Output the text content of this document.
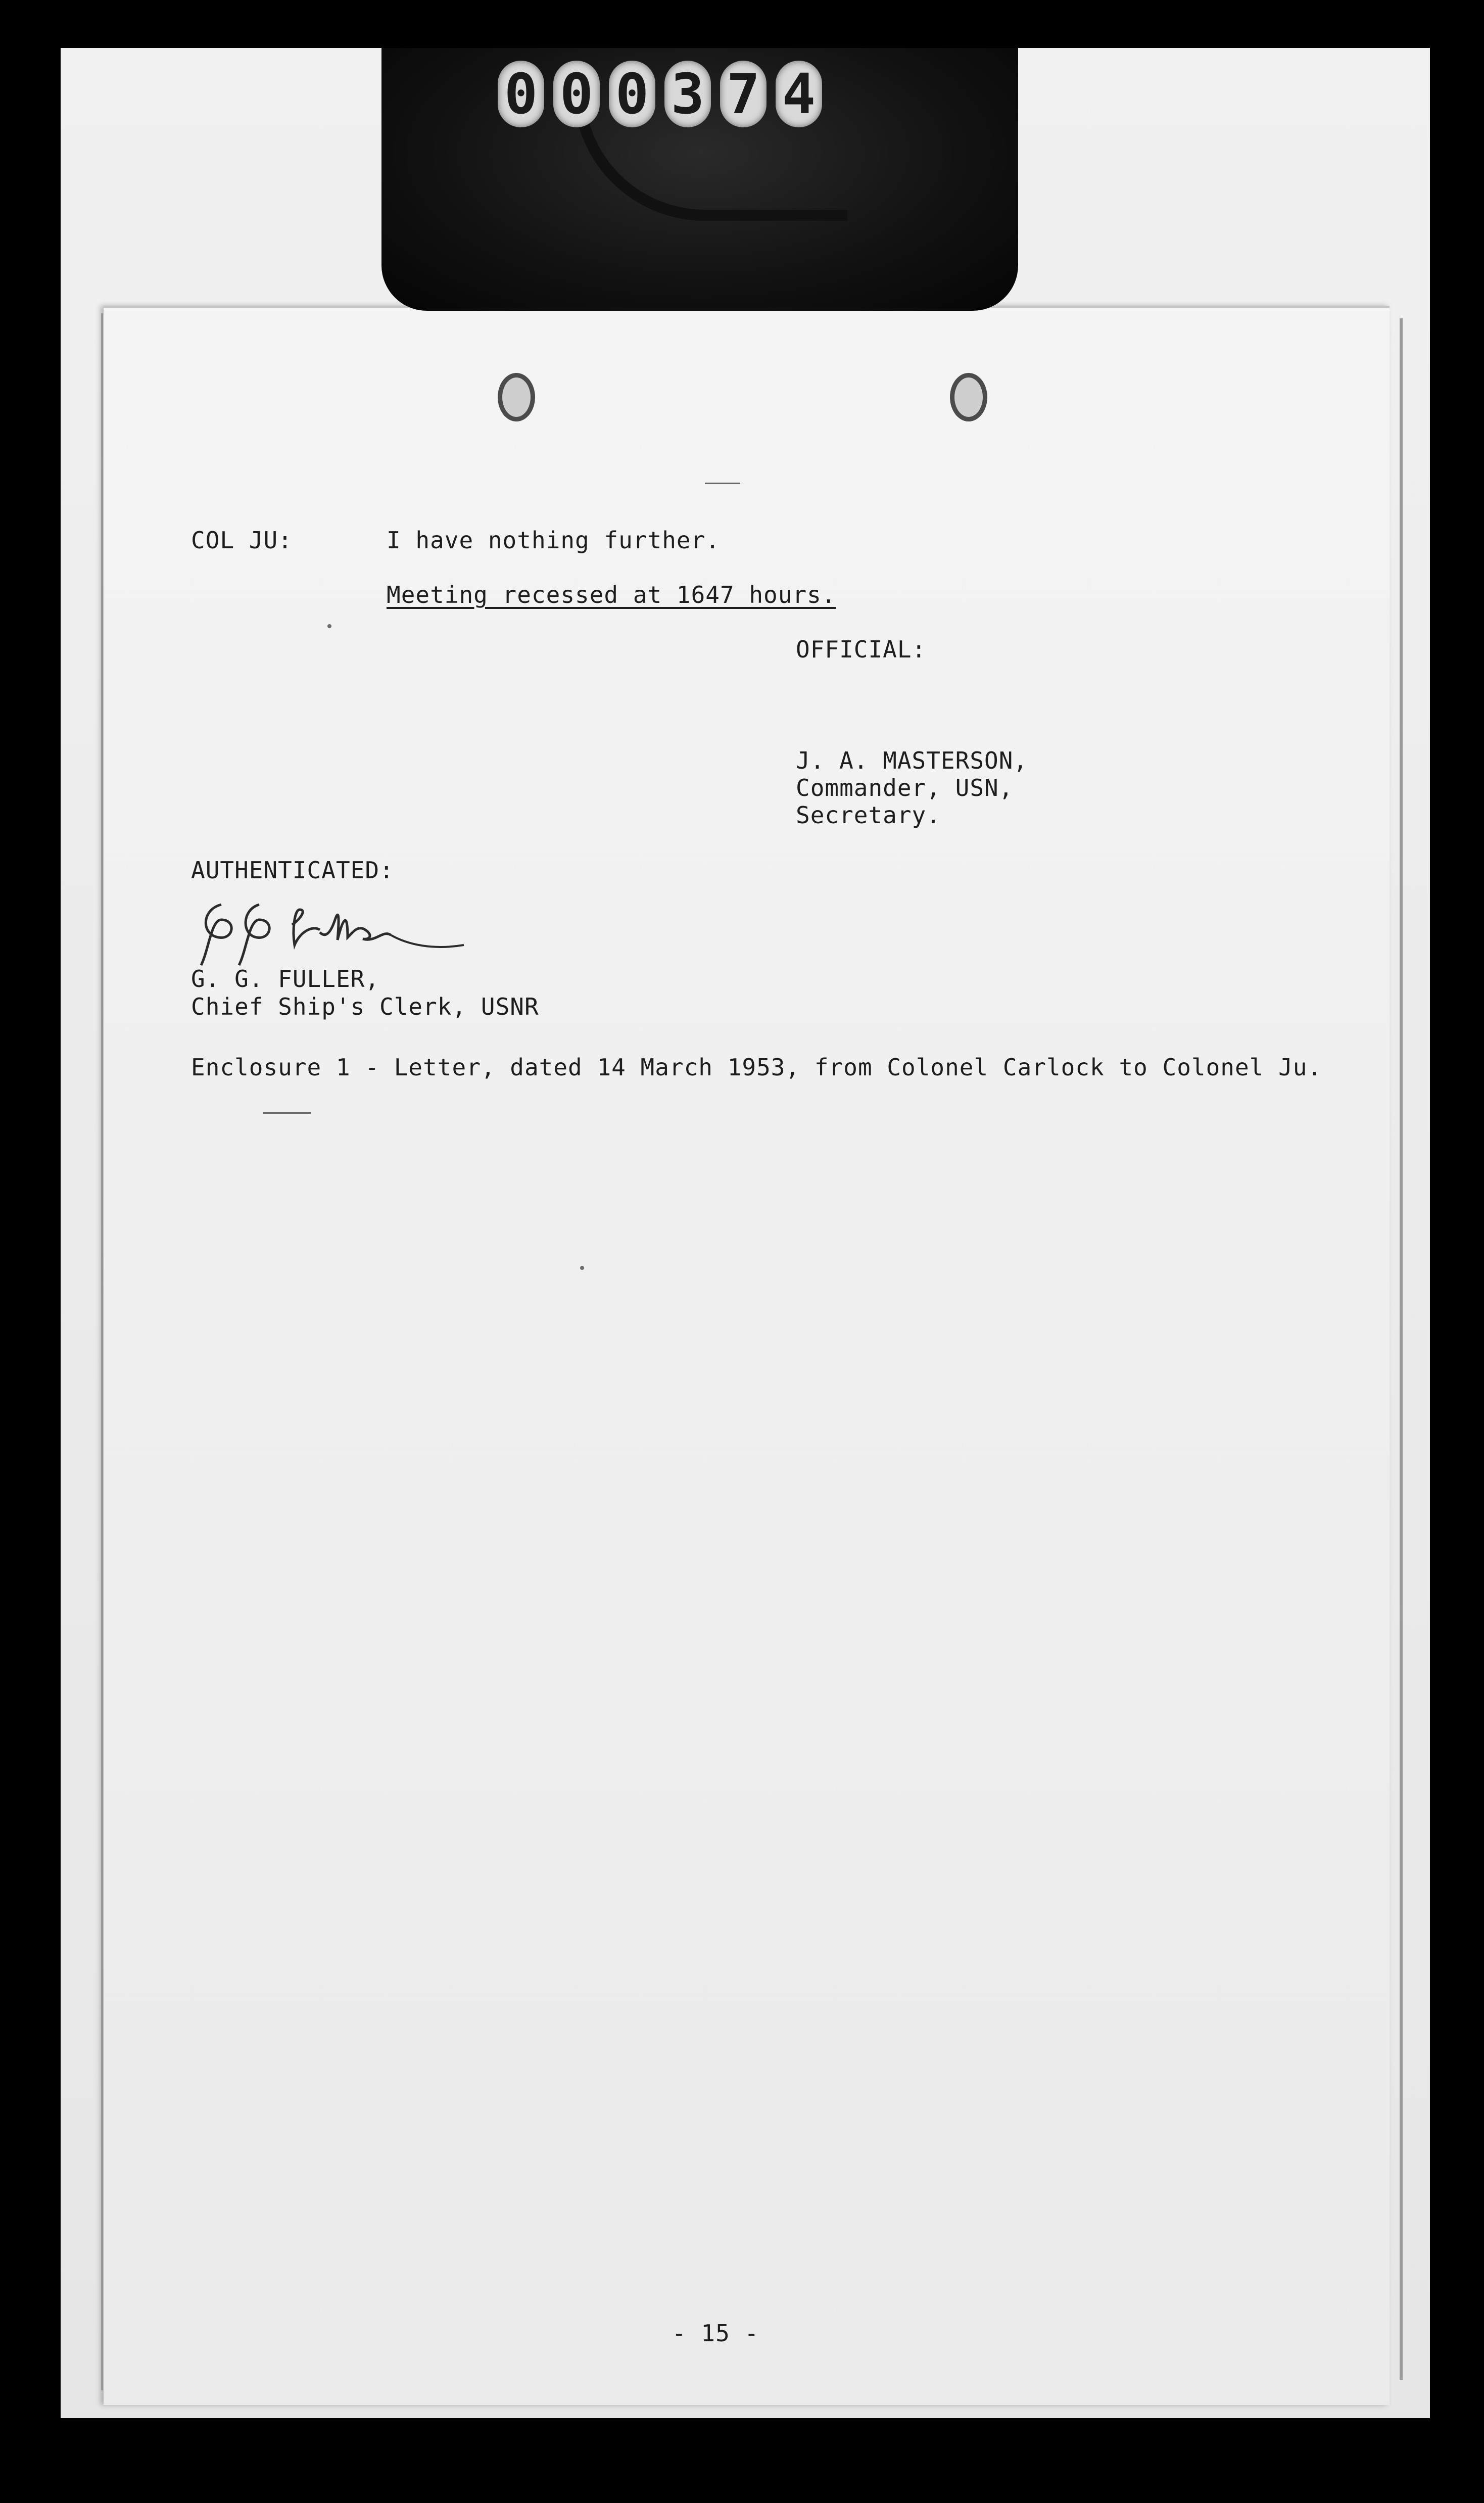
0 0 0 3 7 4
COL JU:	I have nothing further.
Meeting recessed at 1647 hours.
OFFICIAL:
J. A. MASTERSON,
Commander, USN,
Secretary.
AUTHENTICATED:
G. G. FULLER,
Chief Ship's Clerk, USNR
Enclosure 1 - Letter, dated 14 March 1953, from Colonel Carlock to Colonel Ju.
- 15 -
